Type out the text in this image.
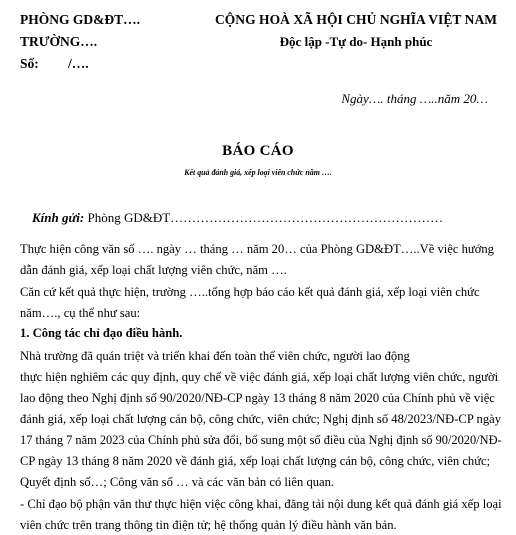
PHÒNG GD&ĐT….
TRƯỜNG….
Số: /….
CỘNG HOÀ XÃ HỘI CHỦ NGHĨA VIỆT NAM
Độc lập -Tự do- Hạnh phúc
Ngày…. tháng …..năm 20…
BÁO CÁO
Kết quả đánh giá, xếp loại viên chức năm ….
Kính gửi: Phòng GD&ĐT………………………………………………………
Thực hiện công văn số …. ngày … tháng … năm 20… của Phòng GD&ĐT…..Về việc hướng
dẫn đánh giá, xếp loại chất lượng viên chức, năm ….
Căn cứ kết quả thực hiện, trường …..tổng hợp báo cáo kết quả đánh giá, xếp loại viên chức
năm…., cụ thể như sau:
1. Công tác chỉ đạo điều hành.
Nhà trường đã quán triệt và triển khai đến toàn thể viên chức, người lao động
thực hiện nghiêm các quy định, quy chế về việc đánh giá, xếp loại chất lượng viên chức, người
lao động theo Nghị định số 90/2020/NĐ-CP ngày 13 tháng 8 năm 2020 của Chính phủ về việc
đánh giá, xếp loại chất lượng cán bộ, công chức, viên chức; Nghị định số 48/2023/NĐ-CP ngày
17 tháng 7 năm 2023 của Chính phủ sửa đổi, bổ sung một số điều của Nghị định số 90/2020/NĐ-
CP ngày 13 tháng 8 năm 2020 về đánh giá, xếp loại chất lượng cán bộ, công chức, viên chức;
Quyết định số…; Công văn số … và các văn bản có liên quan.
- Chỉ đạo bộ phận văn thư thực hiện việc công khai, đăng tải nội dung kết quả đánh giá xếp loại
viên chức trên trang thông tin điện tử; hệ thống quản lý điều hành văn bản.
